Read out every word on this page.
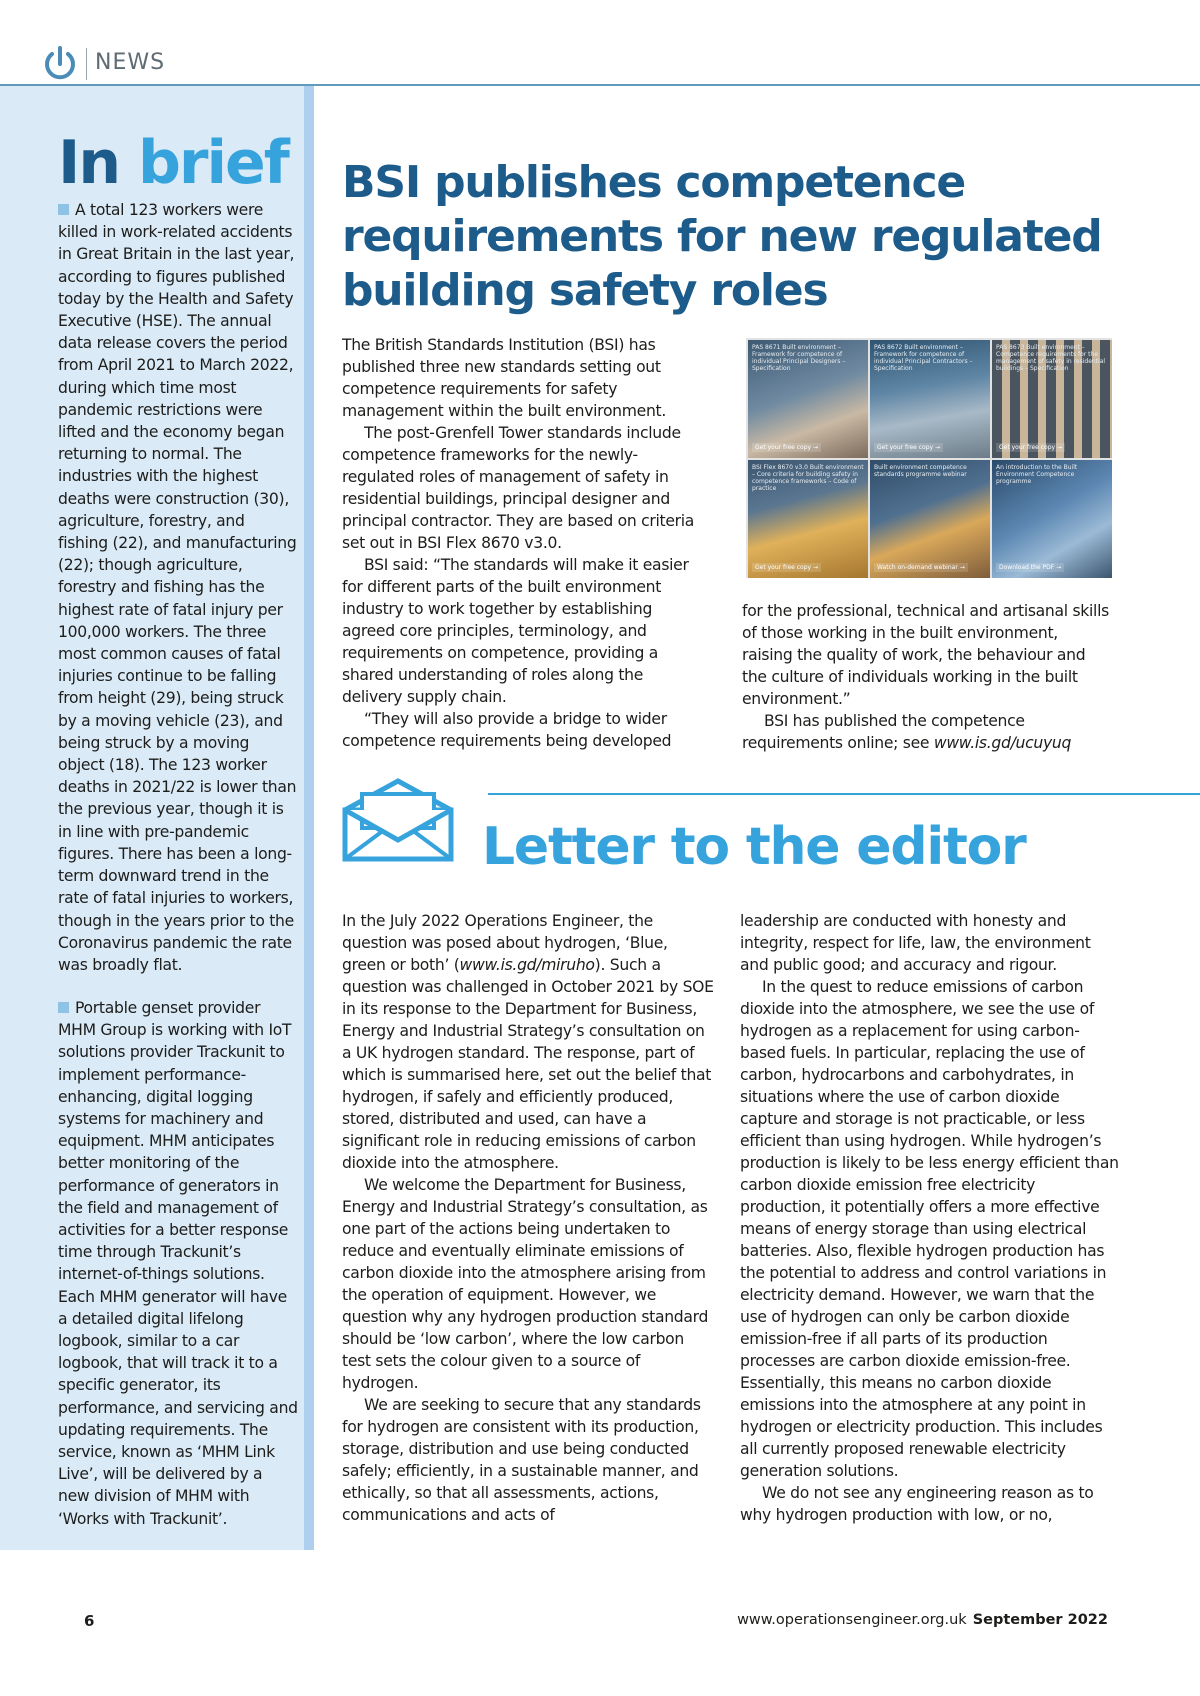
NEWS
In brief
A total 123 workers were killed in work-related accidents in Great Britain in the last year, according to figures published today by the Health and Safety Executive (HSE). The annual data release covers the period from April 2021 to March 2022, during which time most pandemic restrictions were lifted and the economy began returning to normal. The industries with the highest deaths were construction (30), agriculture, forestry, and fishing (22), and manufacturing (22); though agriculture, forestry and fishing has the highest rate of fatal injury per 100,000 workers. The three most common causes of fatal injuries continue to be falling from height (29), being struck by a moving vehicle (23), and being struck by a moving object (18). The 123 worker deaths in 2021/22 is lower than the previous year, though it is in line with pre-pandemic figures. There has been a long-term downward trend in the rate of fatal injuries to workers, though in the years prior to the Coronavirus pandemic the rate was broadly flat.
Portable genset provider MHM Group is working with IoT solutions provider Trackunit to implement performance-enhancing, digital logging systems for machinery and equipment. MHM anticipates better monitoring of the performance of generators in the field and management of activities for a better response time through Trackunit’s internet-of-things solutions. Each MHM generator will have a detailed digital lifelong logbook, similar to a car logbook, that will track it to a specific generator, its performance, and servicing and updating requirements. The service, known as ‘MHM Link Live’, will be delivered by a new division of MHM with ‘Works with Trackunit’.
BSI publishes competence requirements for new regulated building safety roles

The British Standards Institution (BSI) has published three new standards setting out competence requirements for safety management within the built environment.

The post-Grenfell Tower standards include competence frameworks for the newly-regulated roles of management of safety in residential buildings, principal designer and principal contractor. They are based on criteria set out in BSI Flex 8670 v3.0.

BSI said: “The standards will make it easier for different parts of the built environment industry to work together by establishing agreed core principles, terminology, and requirements on competence, providing a shared understanding of roles along the delivery supply chain.

“They will also provide a bridge to wider competence requirements being developed

PAS 8671 Built environment – Framework for competence of individual Principal Designers – Specification
Get your free copy →
PAS 8672 Built environment – Framework for competence of individual Principal Contractors – Specification
Get your free copy →
PAS 8673 Built environment – Competence requirements for the management of safety in residential buildings – Specification
Get your free copy →
BSI Flex 8670 v3.0 Built environment – Core criteria for building safety in competence frameworks – Code of practice
Get your free copy →
Built environment competence standards programme webinar
Watch on-demand webinar →
An introduction to the Built Environment Competence programme
Download the PDF →

for the professional, technical and artisanal skills of those working in the built environment, raising the quality of work, the behaviour and the culture of individuals working in the built environment.”

BSI has published the competence requirements online; see www.is.gd/ucuyuq

Letter to the editor

In the July 2022 Operations Engineer, the question was posed about hydrogen, ‘Blue, green or both’ (www.is.gd/miruho). Such a question was challenged in October 2021 by SOE in its response to the Department for Business, Energy and Industrial Strategy’s consultation on a UK hydrogen standard. The response, part of which is summarised here, set out the belief that hydrogen, if safely and efficiently produced, stored, distributed and used, can have a significant role in reducing emissions of carbon dioxide into the atmosphere.

We welcome the Department for Business, Energy and Industrial Strategy’s consultation, as one part of the actions being undertaken to reduce and eventually eliminate emissions of carbon dioxide into the atmosphere arising from the operation of equipment. However, we question why any hydrogen production standard should be ‘low carbon’, where the low carbon test sets the colour given to a source of hydrogen.

We are seeking to secure that any standards for hydrogen are consistent with its production, storage, distribution and use being conducted safely; efficiently, in a sustainable manner, and ethically, so that all assessments, actions, communications and acts of

leadership are conducted with honesty and integrity, respect for life, law, the environment and public good; and accuracy and rigour.

In the quest to reduce emissions of carbon dioxide into the atmosphere, we see the use of hydrogen as a replacement for using carbon-based fuels. In particular, replacing the use of carbon, hydrocarbons and carbohydrates, in situations where the use of carbon dioxide capture and storage is not practicable, or less efficient than using hydrogen. While hydrogen’s production is likely to be less energy efficient than carbon dioxide emission free electricity production, it potentially offers a more effective means of energy storage than using electrical batteries. Also, flexible hydrogen production has the potential to address and control variations in electricity demand. However, we warn that the use of hydrogen can only be carbon dioxide emission-free if all parts of its production processes are carbon dioxide emission-free. Essentially, this means no carbon dioxide emissions into the atmosphere at any point in hydrogen or electricity production. This includes all currently proposed renewable electricity generation solutions.

We do not see any engineering reason as to why hydrogen production with low, or no,

6	www.operationsengineer.org.uk September 2022
